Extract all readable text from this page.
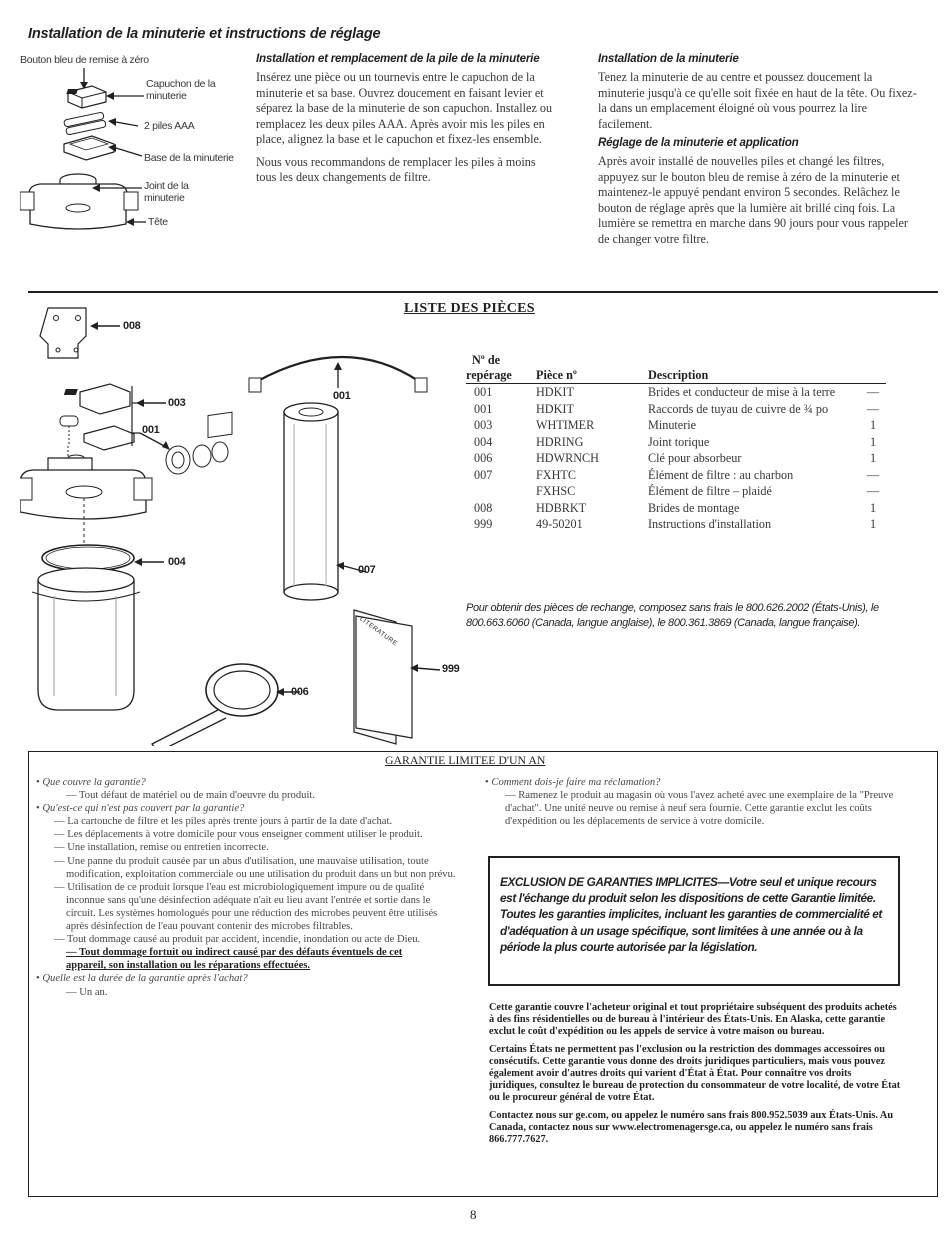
Installation de la minuterie et instructions de réglage
Bouton bleu de remise à zéro
Capuchon de la minuterie
2 piles AAA
Base de la minuterie
Joint de la minuterie
Tête
Installation et remplacement de la pile de la minuterie

Insérez une pièce ou un tournevis entre le capuchon de la minuterie et sa base. Ouvrez doucement en faisant levier et séparez la base de la minuterie de son capuchon. Installez ou remplacez les deux piles AAA. Après avoir mis les piles en place, alignez la base et le capuchon et fixez-les ensemble.

Nous vous recommandons de remplacer les piles à moins tous les deux changements de filtre.

Installation de la minuterie

Tenez la minuterie de au centre et poussez doucement la minuterie jusqu'à ce qu'elle soit fixée en haut de la tête. Ou fixez-la dans un emplacement éloigné où vous pourrez la lire facilement.

Réglage de la minuterie et application

Après avoir installé de nouvelles piles et changé les filtres, appuyez sur le bouton bleu de remise à zéro de la minuterie et maintenez-le appuyé pendant environ 5 secondes. Relâchez le bouton de réglage après que la lumière ait brillé cinq fois. La lumière se remettra en marche dans 90 jours pour vous rappeler de changer votre filtre.

008
003
001
001
004
007
999
006
LITERATURE
LISTE DES PIÈCES
Nº de
repérage	Pièce nº	Description	
001	HDKIT	Brides et conducteur de mise à la terre	—
001	HDKIT	Raccords de tuyau de cuivre de ¾ po	—
003	WHTIMER	Minuterie	1
004	HDRING	Joint torique	1
006	HDWRNCH	Clé pour absorbeur	1
007	FXHTC	Élément de filtre : au charbon	—
	FXHSC	Élément de filtre – plaidé	—
008	HDBRKT	Brides de montage	1
999	49-50201	Instructions d'installation	1
Pour obtenir des pièces de rechange, composez sans frais le 800.626.2002 (États-Unis), le 800.663.6060 (Canada, langue anglaise), le 800.361.3869 (Canada, langue française).
GARANTIE LIMITEE D'UN AN
• Que couvre la garantie?
— Tout défaut de matériel ou de main d'oeuvre du produit.
• Qu'est-ce qui n'est pas couvert par la garantie?
— La cartouche de filtre et les piles après trente jours à partir de la date d'achat.
— Les déplacements à votre domicile pour vous enseigner comment utiliser le produit.
— Une installation, remise ou entretien incorrecte.
— Une panne du produit causée par un abus d'utilisation, une mauvaise utilisation, toute modification, exploitation commerciale ou une utilisation du produit dans un but non prévu.
— Utilisation de ce produit lorsque l'eau est microbiologiquement impure ou de qualité inconnue sans qu'une désinfection adéquate n'ait eu lieu avant l'entrée et sortie dans le circuit. Les systèmes homologués pour une réduction des microbes peuvent être utilisés après désinfection de l'eau pouvant contenir des microbes filtrables.
— Tout dommage causé au produit par accident, incendie, inondation ou acte de Dieu.
— Tout dommage fortuit ou indirect causé par des défauts éventuels de cet appareil, son installation ou les réparations effectuées.
• Quelle est la durée de la garantie après l'achat?
— Un an.
• Comment dois-je faire ma réclamation?
— Ramenez le produit au magasin où vous l'avez acheté avec une exemplaire de la "Preuve d'achat". Une unité neuve ou remise à neuf sera fournie. Cette garantie exclut les coûts d'expédition ou les déplacements de service à votre domicile.
EXCLUSION DE GARANTIES IMPLICITES—Votre seul et unique recours est l'échange du produit selon les dispositions de cette Garantie limitée. Toutes les garanties implicites, incluant les garanties de commercialité et d'adéquation à un usage spécifique, sont limitées à une année ou à la période la plus courte autorisée par la législation.

Cette garantie couvre l'acheteur original et tout propriétaire subséquent des produits achetés à des fins résidentielles ou de bureau à l'intérieur des États-Unis. En Alaska, cette garantie exclut le coût d'expédition ou les appels de service à votre maison ou bureau.

Certains États ne permettent pas l'exclusion ou la restriction des dommages accessoires ou consécutifs. Cette garantie vous donne des droits juridiques particuliers, mais vous pouvez également avoir d'autres droits qui varient d'État à État. Pour connaître vos droits juridiques, consultez le bureau de protection du consommateur de votre localité, de votre État ou le procureur général de votre État.

Contactez nous sur ge.com, ou appelez le numéro sans frais 800.952.5039 aux États-Unis. Au Canada, contactez nous sur www.electromenagersge.ca, ou appelez le numéro sans frais 866.777.7627.

8
